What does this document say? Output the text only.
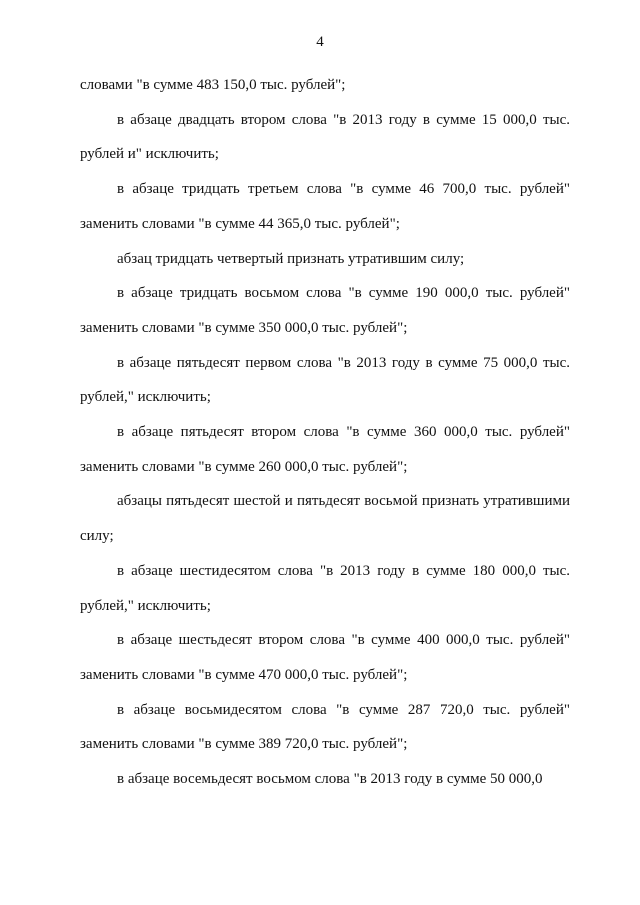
4

словами "в сумме 483 150,0 тыс. рублей";

в абзаце двадцать втором слова "в 2013 году в сумме 15 000,0 тыс. рублей и" исключить;

в абзаце тридцать третьем слова "в сумме 46 700,0 тыс. рублей" заменить словами "в сумме 44 365,0 тыс. рублей";

абзац тридцать четвертый признать утратившим силу;

в абзаце тридцать восьмом слова "в сумме 190 000,0 тыс. рублей" заменить словами "в сумме 350 000,0 тыс. рублей";

в абзаце пятьдесят первом слова "в 2013 году в сумме 75 000,0 тыс. рублей," исключить;

в абзаце пятьдесят втором слова "в сумме 360 000,0 тыс. рублей" заменить словами "в сумме 260 000,0 тыс. рублей";

абзацы пятьдесят шестой и пятьдесят восьмой признать утратившими силу;

в абзаце шестидесятом слова "в 2013 году в сумме 180 000,0 тыс. рублей," исключить;

в абзаце шестьдесят втором слова "в сумме 400 000,0 тыс. рублей" заменить словами "в сумме 470 000,0 тыс. рублей";

в абзаце восьмидесятом слова "в сумме 287 720,0 тыс. рублей" заменить словами "в сумме 389 720,0 тыс. рублей";

в абзаце восемьдесят восьмом слова "в 2013 году в сумме 50 000,0
